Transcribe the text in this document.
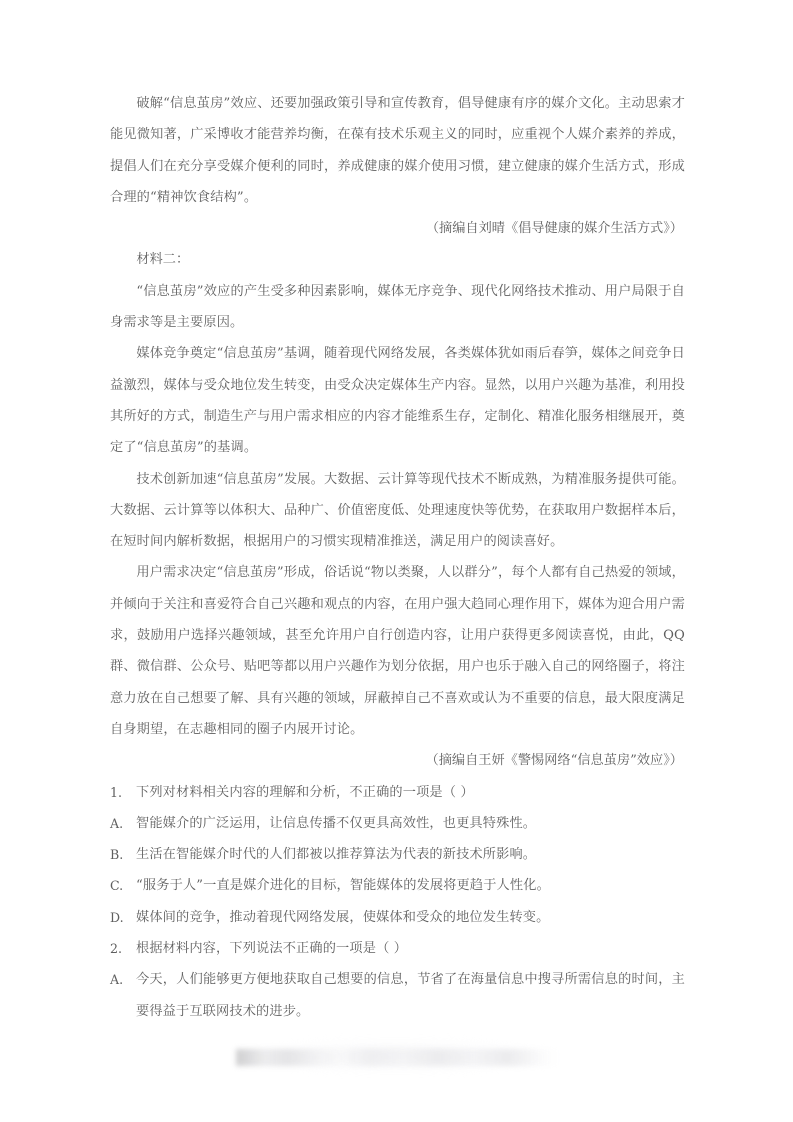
破解“信息茧房”效应、还要加强政策引导和宣传教育，倡导健康有序的媒介文化。主动思索才能见微知著，广采博收才能营养均衡，在葆有技术乐观主义的同时，应重视个人媒介素养的养成，提倡人们在充分享受媒介便利的同时，养成健康的媒介使用习惯，建立健康的媒介生活方式，形成合理的“精神饮食结构”。

（摘编自刘晴《倡导健康的媒介生活方式》）

材料二：

“信息茧房”效应的产生受多种因素影响，媒体无序竞争、现代化网络技术推动、用户局限于自身需求等是主要原因。

媒体竞争奠定“信息茧房”基调，随着现代网络发展，各类媒体犹如雨后春笋，媒体之间竞争日益激烈，媒体与受众地位发生转变，由受众决定媒体生产内容。显然，以用户兴趣为基准，利用投其所好的方式，制造生产与用户需求相应的内容才能维系生存，定制化、精准化服务相继展开，奠定了“信息茧房”的基调。

技术创新加速“信息茧房”发展。大数据、云计算等现代技术不断成熟，为精准服务提供可能。大数据、云计算等以体积大、品种广、价值密度低、处理速度快等优势，在获取用户数据样本后，在短时间内解析数据，根据用户的习惯实现精准推送，满足用户的阅读喜好。

用户需求决定“信息茧房”形成，俗话说“物以类聚，人以群分”，每个人都有自己热爱的领域，并倾向于关注和喜爱符合自己兴趣和观点的内容，在用户强大趋同心理作用下，媒体为迎合用户需求，鼓励用户选择兴趣领域，甚至允许用户自行创造内容，让用户获得更多阅读喜悦，由此，QQ 群、微信群、公众号、贴吧等都以用户兴趣作为划分依据，用户也乐于融入自己的网络圈子，将注意力放在自己想要了解、具有兴趣的领域，屏蔽掉自己不喜欢或认为不重要的信息，最大限度满足自身期望，在志趣相同的圈子内展开讨论。

（摘编自王妍《警惕网络“信息茧房”效应》）

1.	下列对材料相关内容的理解和分析，不正确的一项是（ ）
A. 智能媒介的广泛运用，让信息传播不仅更具高效性，也更具特殊性。
B. 生活在智能媒介时代的人们都被以推荐算法为代表的新技术所影响。
C. “服务于人”一直是媒介进化的目标，智能媒体的发展将更趋于人性化。
D. 媒体间的竞争，推动着现代网络发展，使媒体和受众的地位发生转变。
2.	根据材料内容，下列说法不正确的一项是（ ）
A. 今天，人们能够更方便地获取自己想要的信息，节省了在海量信息中搜寻所需信息的时间，主要得益于互联网技术的进步。
